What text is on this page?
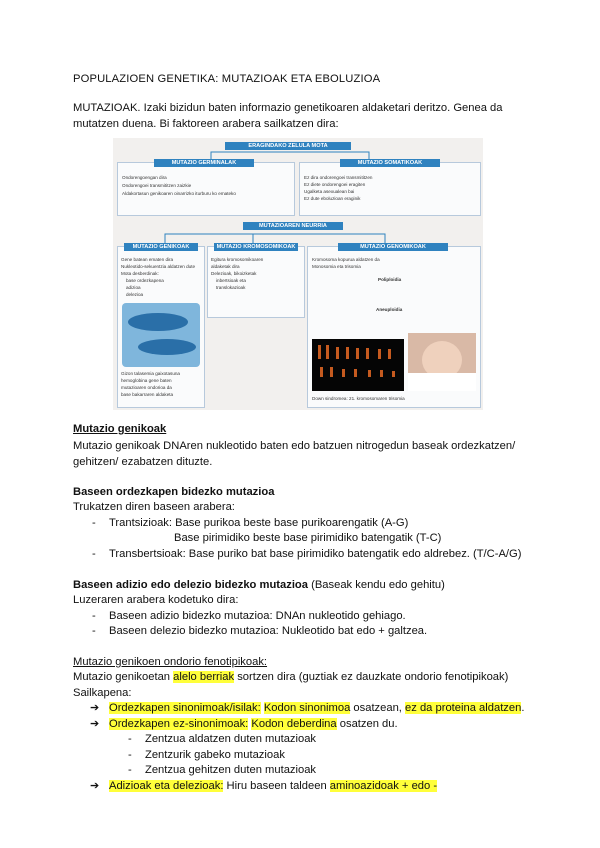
POPULAZIOEN GENETIKA: MUTAZIOAK ETA EBOLUZIOA
MUTAZIOAK. Izaki bizidun baten informazio genetikoaren aldaketari deritzo. Genea da
mutatzen duena. Bi faktoreen arabera sailkatzen dira:
ERAGINDAKO ZELULA MOTA
MUTAZIO GERMINALAK
Ondorengoengan dira
Ondorengoei transmititzen zaizkie
Aldakortasun genikoaren oinarrizko iturburu ko emateko
MUTAZIO SOMATIKOAK
Ez dira ondorengoei transmititzen
Ez diete ondorengoei eragiten
Ugalketa asexualean bai
Ez dute eboluzioan eraginik
MUTAZIOAREN NEURRIA
MUTAZIO GENIKOAK
Gene batean ematen dira
Nukleotido-sekuentzia aldatzen dute
Mota desberdinak:
base ordezkapena
adizioa
delezioa
Gizon talasemia gaixotasuna
hemoglobina gene baten
mutazioaren ondorioa da
base bakarraren aldaketa
MUTAZIO KROMOSOMIKOAK
Egitura kromosomikoaren
aldaketak dira
Delezioak, bikoizketak
inbertsioak eta
translokazioak
MUTAZIO GENOMIKOAK
Kromosoma kopurua aldatzen da
Monosomia eta trisomia
Poliploidia
Aneuploidia
Down sindromea: 21. kromosomaren trisomia
Mutazio genikoak
Mutazio genikoak DNAren nukleotido baten edo batzuen nitrogedun baseak ordezkatzen/
gehitzen/ ezabatzen dituzte.
Baseen ordezkapen bidezko mutazioa
Trukatzen diren baseen arabera:
- Trantsizioak: Base purikoa beste base purikoarengatik (A-G)
Base pirimidiko beste base pirimidiko batengatik (T-C)
- Transbertsioak: Base puriko bat base pirimidiko batengatik edo aldrebez. (T/C-A/G)
Baseen adizio edo delezio bidezko mutazioa (Baseak kendu edo gehitu)
Luzeraren arabera kodetuko dira:
- Baseen adizio bidezko mutazioa: DNAn nukleotido gehiago.
- Baseen delezio bidezko mutazioa: Nukleotido bat edo + galtzea.
Mutazio genikoen ondorio fenotipikoak:
Mutazio genikoetan alelo berriak sortzen dira (guztiak ez dauzkate ondorio fenotipikoak)
Sailkapena:
➔ Ordezkapen sinonimoak/isilak: Kodon sinonimoa osatzean, ez da proteina aldatzen.
➔ Ordezkapen ez-sinonimoak: Kodon deberdina osatzen du.
- Zentzua aldatzen duten mutazioak
- Zentzurik gabeko mutazioak
- Zentzua gehitzen duten mutazioak
➔ Adizioak eta delezioak: Hiru baseen taldeen aminoazidoak + edo -
